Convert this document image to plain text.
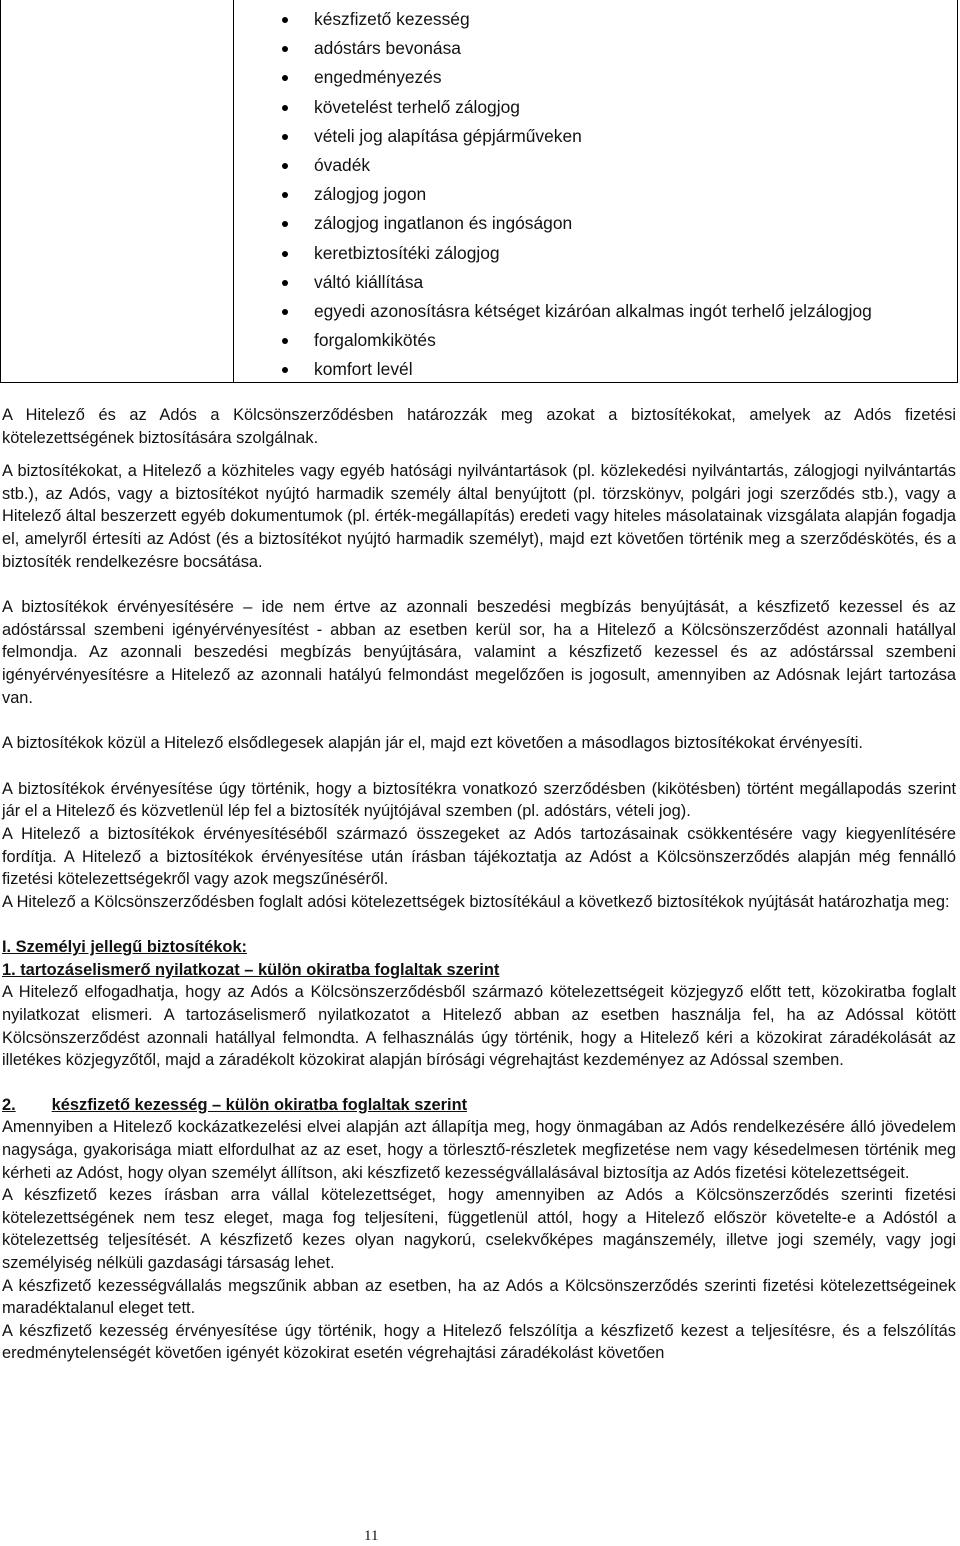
készfizető kezesség
adóstárs bevonása
engedményezés
követelést terhelő zálogjog
vételi jog alapítása gépjárműveken
óvadék
zálogjog jogon
zálogjog ingatlanon és ingóságon
keretbiztosítéki zálogjog
váltó kiállítása
egyedi azonosításra kétséget kizáróan alkalmas ingót terhelő jelzálogjog
forgalomkikötés
komfort levél

A Hitelező és az Adós a Kölcsönszerződésben határozzák meg azokat a biztosítékokat, amelyek az Adós fizetési kötelezettségének biztosítására szolgálnak.

A biztosítékokat, a Hitelező a közhiteles vagy egyéb hatósági nyilvántartások (pl. közlekedési nyilvántartás, zálogjogi nyilvántartás stb.), az Adós, vagy a biztosítékot nyújtó harmadik személy által benyújtott (pl. törzskönyv, polgári jogi szerződés stb.), vagy a Hitelező által beszerzett egyéb dokumentumok (pl. érték-megállapítás) eredeti vagy hiteles másolatainak vizsgálata alapján fogadja el, amelyről értesíti az Adóst (és a biztosítékot nyújtó harmadik személyt), majd ezt követően történik meg a szerződéskötés, és a biztosíték rendelkezésre bocsátása.

A biztosítékok érvényesítésére – ide nem értve az azonnali beszedési megbízás benyújtását, a készfizető kezessel és az adóstárssal szembeni igényérvényesítést - abban az esetben kerül sor, ha a Hitelező a Kölcsönszerződést azonnali hatállyal felmondja. Az azonnali beszedési megbízás benyújtására, valamint a készfizető kezessel és az adóstárssal szembeni igényérvényesítésre a Hitelező az azonnali hatályú felmondást megelőzően is jogosult, amennyiben az Adósnak lejárt tartozása van.

A biztosítékok közül a Hitelező elsődlegesek alapján jár el, majd ezt követően a másodlagos biztosítékokat érvényesíti.

A biztosítékok érvényesítése úgy történik, hogy a biztosítékra vonatkozó szerződésben (kikötésben) történt megállapodás szerint jár el a Hitelező és közvetlenül lép fel a biztosíték nyújtójával szemben (pl. adóstárs, vételi jog).

A Hitelező a biztosítékok érvényesítéséből származó összegeket az Adós tartozásainak csökkentésére vagy kiegyenlítésére fordítja. A Hitelező a biztosítékok érvényesítése után írásban tájékoztatja az Adóst a Kölcsönszerződés alapján még fennálló fizetési kötelezettségekről vagy azok megszűnéséről.

A Hitelező a Kölcsönszerződésben foglalt adósi kötelezettségek biztosítékául a következő biztosítékok nyújtását határozhatja meg:

I. Személyi jellegű biztosítékok:

1. tartozáselismerő nyilatkozat – külön okiratba foglaltak szerint

A Hitelező elfogadhatja, hogy az Adós a Kölcsönszerződésből származó kötelezettségeit közjegyző előtt tett, közokiratba foglalt nyilatkozat elismeri. A tartozáselismerő nyilatkozatot a Hitelező abban az esetben használja fel, ha az Adóssal kötött Kölcsönszerződést azonnali hatállyal felmondta. A felhasználás úgy történik, hogy a Hitelező kéri a közokirat záradékolását az illetékes közjegyzőtől, majd a záradékolt közokirat alapján bírósági végrehajtást kezdeményez az Adóssal szemben.

2. készfizető kezesség – külön okiratba foglaltak szerint

Amennyiben a Hitelező kockázatkezelési elvei alapján azt állapítja meg, hogy önmagában az Adós rendelkezésére álló jövedelem nagysága, gyakorisága miatt elfordulhat az az eset, hogy a törlesztő-részletek megfizetése nem vagy késedelmesen történik meg kérheti az Adóst, hogy olyan személyt állítson, aki készfizető kezességvállalásával biztosítja az Adós fizetési kötelezettségeit.

A készfizető kezes írásban arra vállal kötelezettséget, hogy amennyiben az Adós a Kölcsönszerződés szerinti fizetési kötelezettségének nem tesz eleget, maga fog teljesíteni, függetlenül attól, hogy a Hitelező először követelte-e a Adóstól a kötelezettség teljesítését. A készfizető kezes olyan nagykorú, cselekvőképes magánszemély, illetve jogi személy, vagy jogi személyiség nélküli gazdasági társaság lehet.

A készfizető kezességvállalás megszűnik abban az esetben, ha az Adós a Kölcsönszerződés szerinti fizetési kötelezettségeinek maradéktalanul eleget tett.

A készfizető kezesség érvényesítése úgy történik, hogy a Hitelező felszólítja a készfizető kezest a teljesítésre, és a felszólítás eredménytelenségét követően igényét közokirat esetén végrehajtási záradékolást követően

11
